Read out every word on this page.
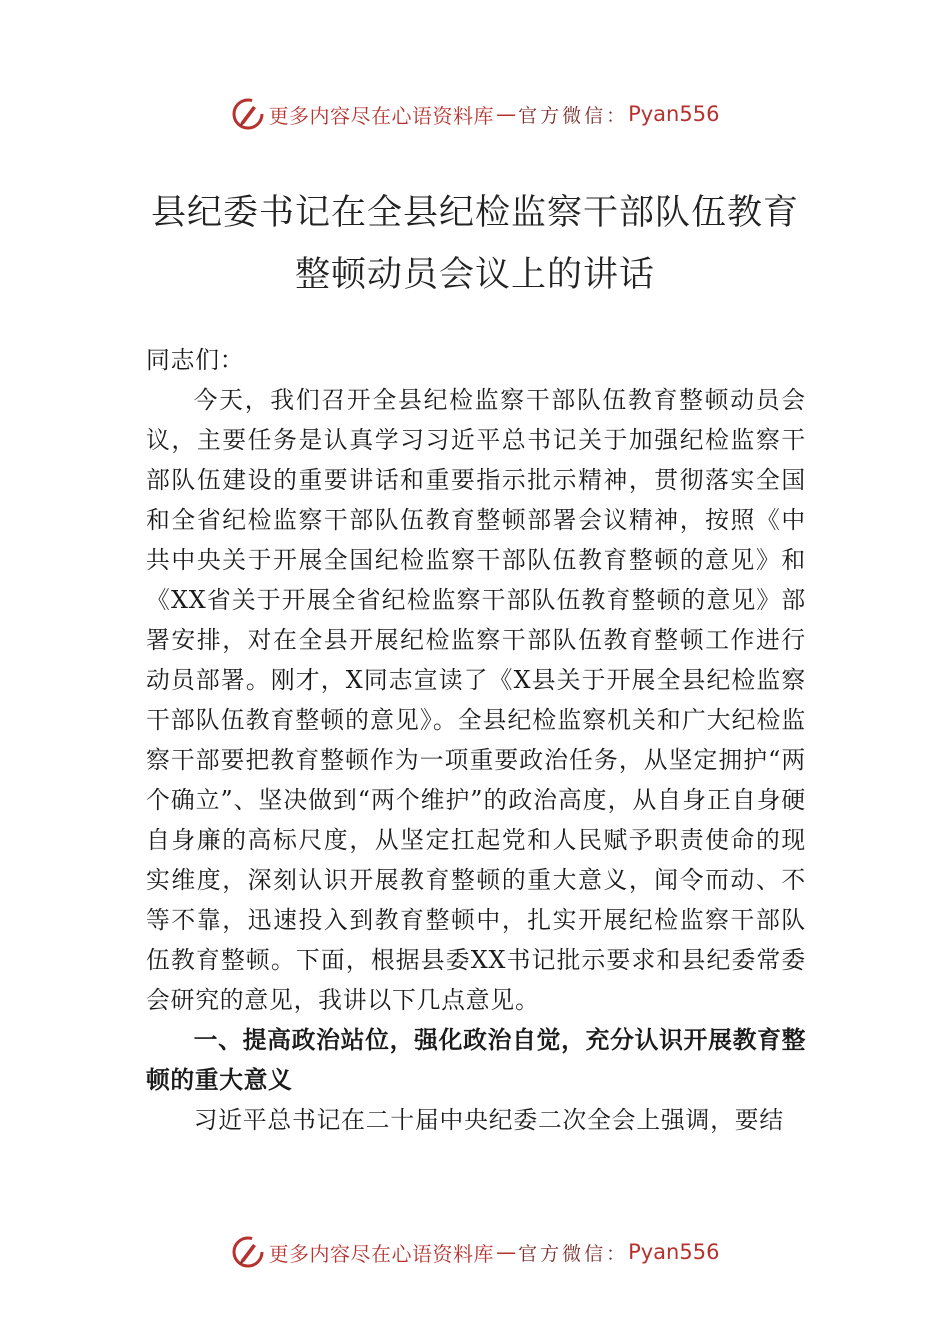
更多内容尽在心语资料库 — 官方微信： Pyan556
县纪委书记在全县纪检监察干部队伍教育
整顿动员会议上的讲话

同志们：

今天，我们召开全县纪检监察干部队伍教育整顿动员会议，主要任务是认真学习习近平总书记关于加强纪检监察干部队伍建设的重要讲话和重要指示批示精神，贯彻落实全国和全省纪检监察干部队伍教育整顿部署会议精神，按照《中共中央关于开展全国纪检监察干部队伍教育整顿的意见》和《XX省关于开展全省纪检监察干部队伍教育整顿的意见》部署安排，对在全县开展纪检监察干部队伍教育整顿工作进行动员部署。刚才，X同志宣读了《X县关于开展全县纪检监察干部队伍教育整顿的意见》。全县纪检监察机关和广大纪检监察干部要把教育整顿作为一项重要政治任务，从坚定拥护“两个确立”、坚决做到“两个维护”的政治高度，从自身正自身硬自身廉的高标尺度，从坚定扛起党和人民赋予职责使命的现实维度，深刻认识开展教育整顿的重大意义，闻令而动、不等不靠，迅速投入到教育整顿中，扎实开展纪检监察干部队伍教育整顿。下面，根据县委XX书记批示要求和县纪委常委会研究的意见，我讲以下几点意见。

一、提高政治站位，强化政治自觉，充分认识开展教育整顿的重大意义

习近平总书记在二十届中央纪委二次全会上强调，要结

更多内容尽在心语资料库 — 官方微信： Pyan556
